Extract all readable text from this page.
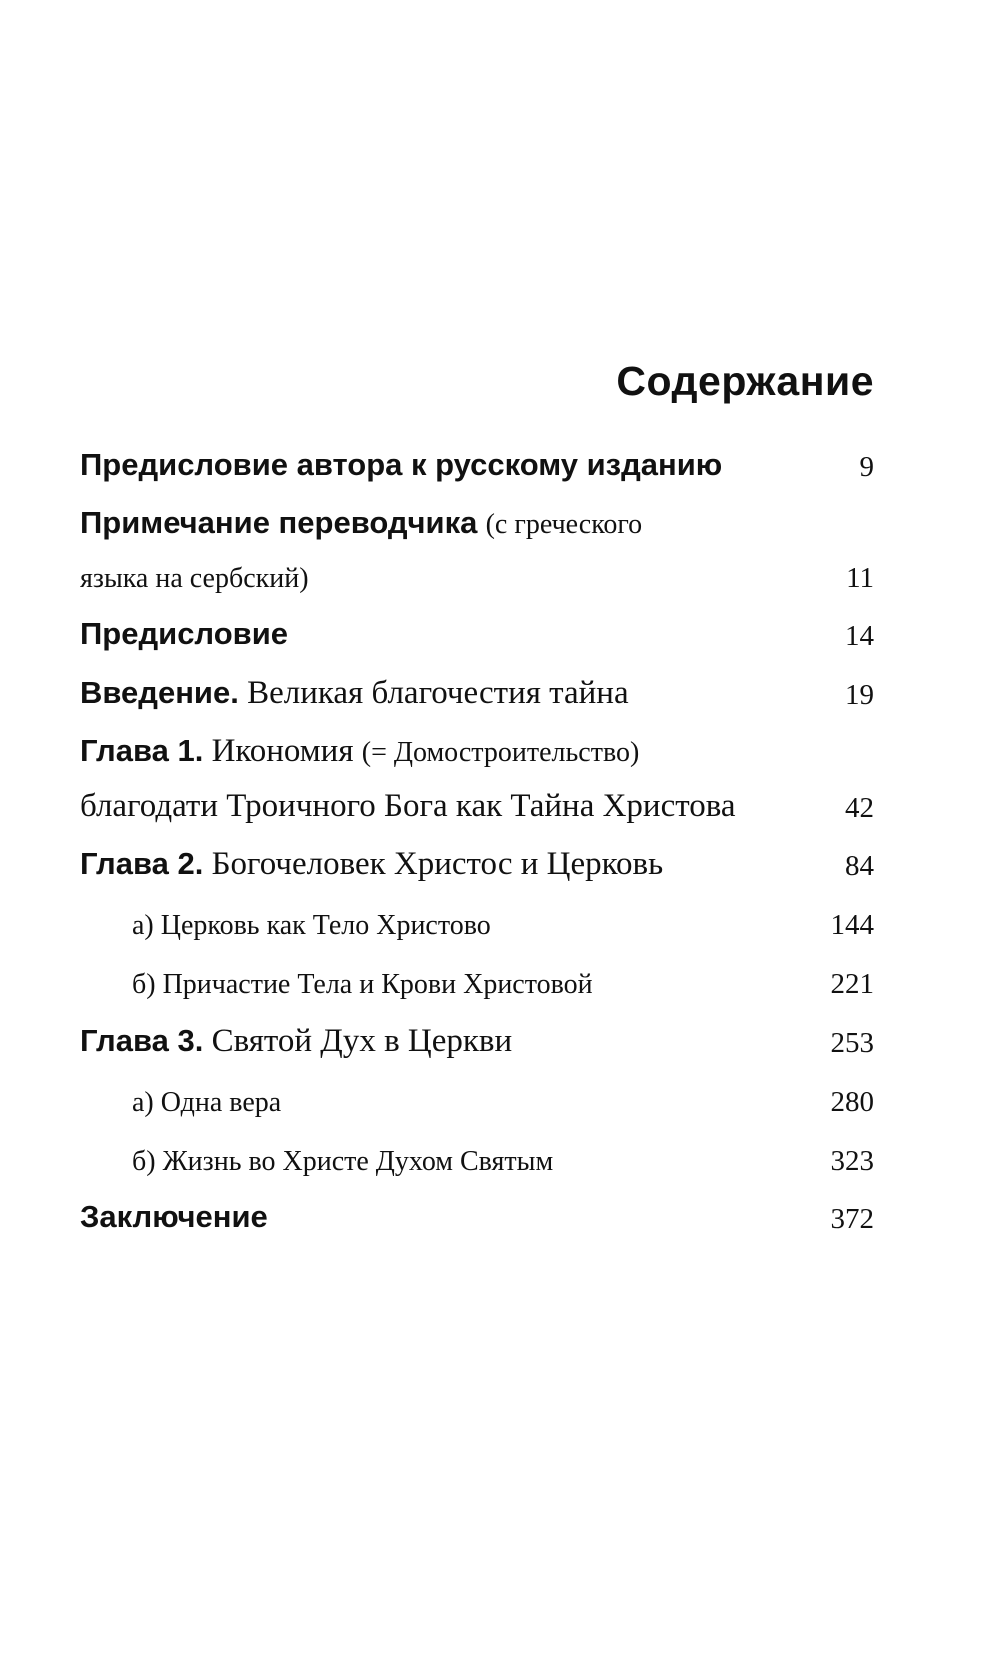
Содержание
Предисловие автора к русскому изданию	9
Примечание переводчика (с греческого
языка на сербский)	11
Предисловие	14
Введение. Великая благочестия тайна	19
Глава 1. Икономия (= Домостроительство)
благодати Троичного Бога как Тайна Христова	42
Глава 2. Богочеловек Христос и Церковь	84
а) Церковь как Тело Христово	144
б) Причастие Тела и Крови Христовой	221
Глава 3. Святой Дух в Церкви	253
а) Одна вера	280
б) Жизнь во Христе Духом Святым	323
Заключение	372
